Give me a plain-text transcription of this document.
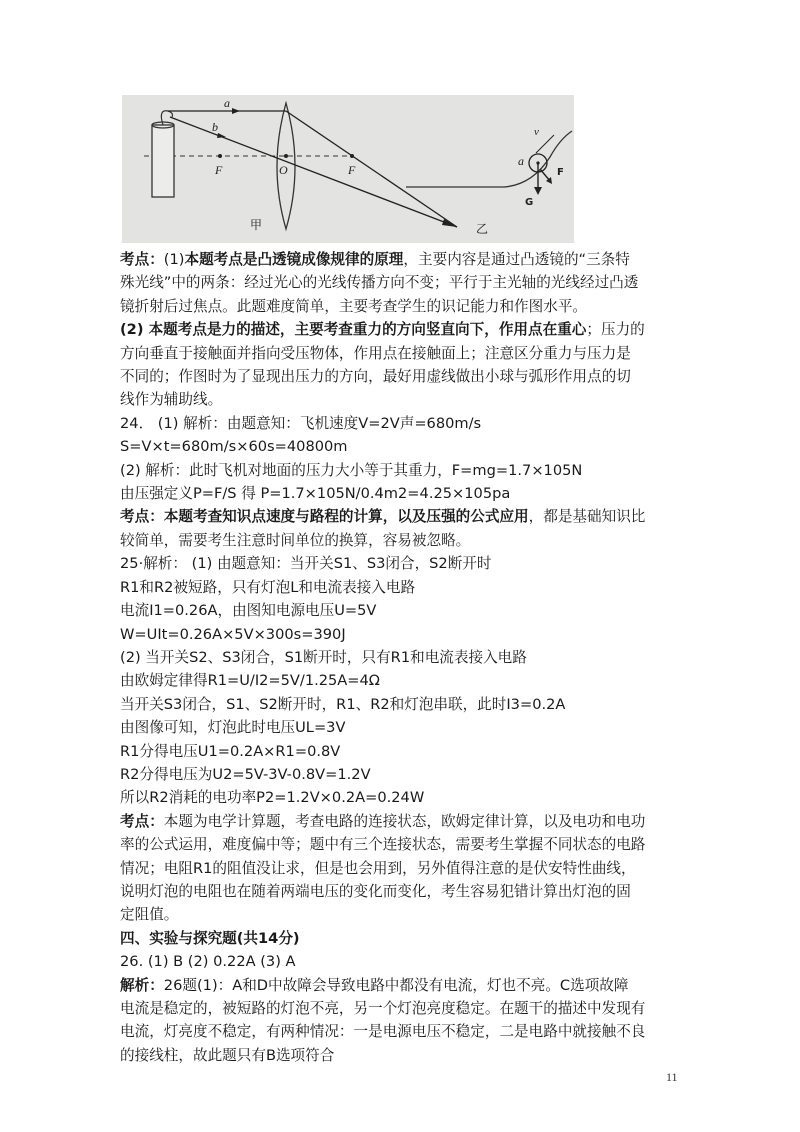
a
b
F	O	F
甲	乙
v
a
F
G

考点：(1)本题考点是凸透镜成像规律的原理，主要内容是通过凸透镜的“三条特

殊光线”中的两条：经过光心的光线传播方向不变；平行于主光轴的光线经过凸透

镜折射后过焦点。此题难度简单，主要考查学生的识记能力和作图水平。

(2) 本题考点是力的描述，主要考查重力的方向竖直向下，作用点在重心；压力的

方向垂直于接触面并指向受压物体，作用点在接触面上；注意区分重力与压力是

不同的；作图时为了显现出压力的方向，最好用虚线做出小球与弧形作用点的切

线作为辅助线。

24． (1) 解析：由题意知：飞机速度V=2V声=680m/s

S=V×t=680m/s×60s=40800m

(2) 解析：此时飞机对地面的压力大小等于其重力，F=mg=1.7×105N

由压强定义P=F/S 得 P=1.7×105N/0.4m2=4.25×105pa

考点：本题考查知识点速度与路程的计算，以及压强的公式应用，都是基础知识比

较简单，需要考生注意时间单位的换算，容易被忽略。

25·解析： (1) 由题意知：当开关S1、S3闭合，S2断开时

R1和R2被短路，只有灯泡L和电流表接入电路

电流I1=0.26A，由图知电源电压U=5V

W=UIt=0.26A×5V×300s=390J

(2) 当开关S2、S3闭合，S1断开时，只有R1和电流表接入电路

由欧姆定律得R1=U/I2=5V/1.25A=4Ω

当开关S3闭合，S1、S2断开时，R1、R2和灯泡串联，此时I3=0.2A

由图像可知，灯泡此时电压UL=3V

R1分得电压U1=0.2A×R1=0.8V

R2分得电压为U2=5V-3V-0.8V=1.2V

所以R2消耗的电功率P2=1.2V×0.2A=0.24W

考点：本题为电学计算题，考查电路的连接状态，欧姆定律计算，以及电功和电功

率的公式运用，难度偏中等；题中有三个连接状态，需要考生掌握不同状态的电路

情况；电阻R1的阻值没让求，但是也会用到，另外值得注意的是伏安特性曲线，

说明灯泡的电阻也在随着两端电压的变化而变化，考生容易犯错计算出灯泡的固

定阻值。

四、实验与探究题(共14分)

26. (1) B (2) 0.22A (3) A

解析：26题(1)：A和D中故障会导致电路中都没有电流，灯也不亮。C选项故障

电流是稳定的，被短路的灯泡不亮，另一个灯泡亮度稳定。在题干的描述中发现有

电流，灯亮度不稳定，有两种情况：一是电源电压不稳定，二是电路中就接触不良

的接线柱，故此题只有B选项符合

11
